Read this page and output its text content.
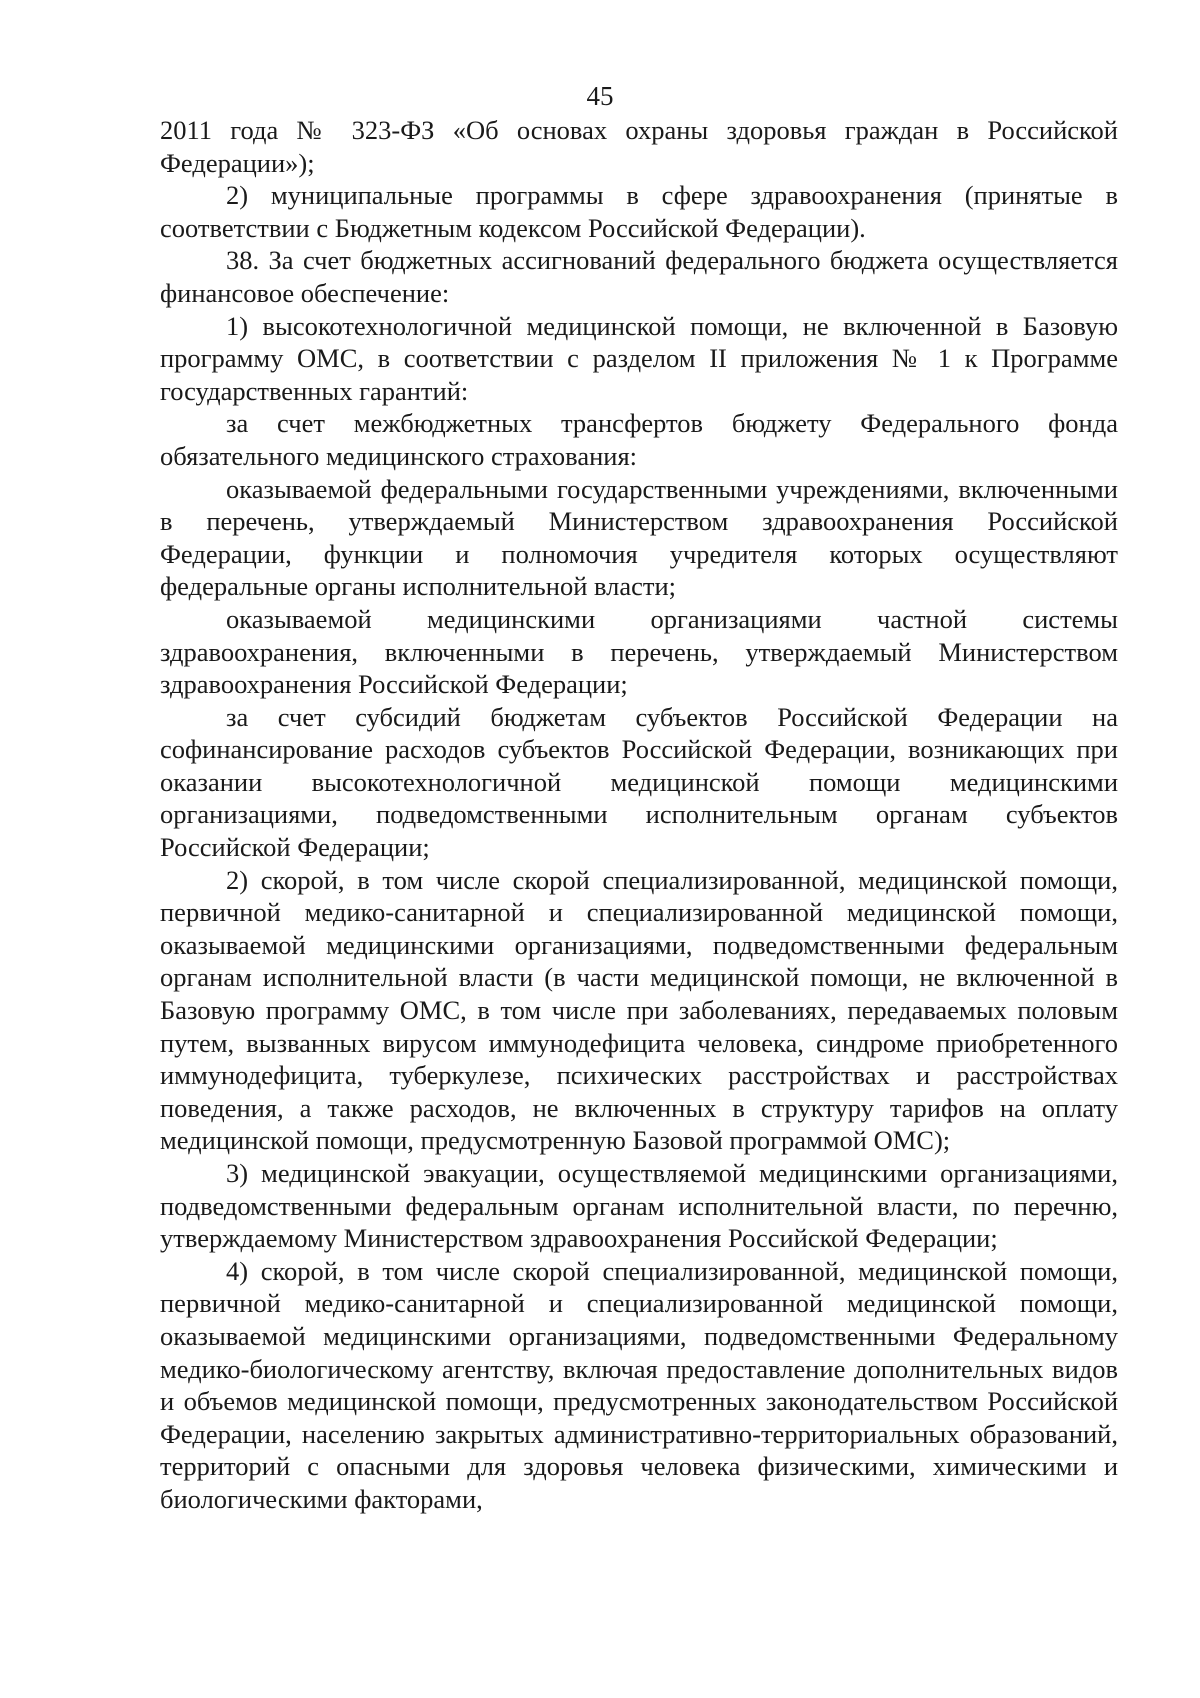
45

2011 года № 323-ФЗ «Об основах охраны здоровья граждан в Российской Федерации»);

2) муниципальные программы в сфере здравоохранения (принятые в соответствии с Бюджетным кодексом Российской Федерации).

38. За счет бюджетных ассигнований федерального бюджета осуществляется финансовое обеспечение:

1) высокотехнологичной медицинской помощи, не включенной в Базовую программу ОМС, в соответствии с разделом II приложения № 1 к Программе государственных гарантий:

за счет межбюджетных трансфертов бюджету Федерального фонда обязательного медицинского страхования:

оказываемой федеральными государственными учреждениями, включенными в перечень, утверждаемый Министерством здравоохранения Российской Федерации, функции и полномочия учредителя которых осуществляют федеральные органы исполнительной власти;

оказываемой медицинскими организациями частной системы здравоохранения, включенными в перечень, утверждаемый Министерством здравоохранения Российской Федерации;

за счет субсидий бюджетам субъектов Российской Федерации на софинансирование расходов субъектов Российской Федерации, возникающих при оказании высокотехнологичной медицинской помощи медицинскими организациями, подведомственными исполнительным органам субъектов Российской Федерации;

2) скорой, в том числе скорой специализированной, медицинской помощи, первичной медико-санитарной и специализированной медицинской помощи, оказываемой медицинскими организациями, подведомственными федеральным органам исполнительной власти (в части медицинской помощи, не включенной в Базовую программу ОМС, в том числе при заболеваниях, передаваемых половым путем, вызванных вирусом иммунодефицита человека, синдроме приобретенного иммунодефицита, туберкулезе, психических расстройствах и расстройствах поведения, а также расходов, не включенных в структуру тарифов на оплату медицинской помощи, предусмотренную Базовой программой ОМС);

3) медицинской эвакуации, осуществляемой медицинскими организациями, подведомственными федеральным органам исполнительной власти, по перечню, утверждаемому Министерством здравоохранения Российской Федерации;

4) скорой, в том числе скорой специализированной, медицинской помощи, первичной медико-санитарной и специализированной медицинской помощи, оказываемой медицинскими организациями, подведомственными Федеральному медико-биологическому агентству, включая предоставление дополнительных видов и объемов медицинской помощи, предусмотренных законодательством Российской Федерации, населению закрытых административно-территориальных образований, территорий с опасными для здоровья человека физическими, химическими и биологическими факторами,
